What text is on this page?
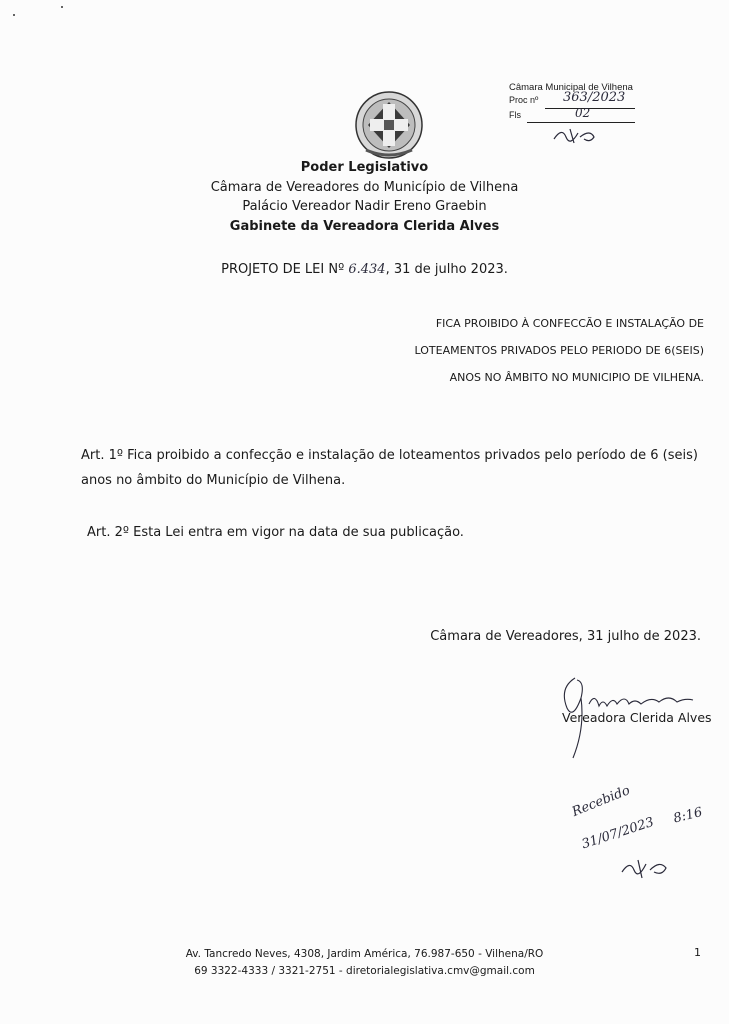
Câmara Municipal de Vilhena
Proc nº 363/2023
Fls	02
Poder Legislativo
Câmara de Vereadores do Município de Vilhena
Palácio Vereador Nadir Ereno Graebin
Gabinete da Vereadora Clerida Alves
PROJETO DE LEI Nº 6.434, 31 de julho 2023.
FICA PROIBIDO À CONFECCÃO E INSTALAÇÃO DE
LOTEAMENTOS PRIVADOS PELO PERIODO DE 6(SEIS)
ANOS NO ÂMBITO NO MUNICIPIO DE VILHENA.
Art. 1º Fica proibido a confecção e instalação de loteamentos privados pelo período de 6 (seis) anos no âmbito do Município de Vilhena.
Art. 2º Esta Lei entra em vigor na data de sua publicação.
Câmara de Vereadores, 31 julho de 2023.
Vereadora Clerida Alves
Recebido
31/07/2023 8:16
Av. Tancredo Neves, 4308, Jardim América, 76.987-650 - Vilhena/RO
69 3322-4333 / 3321-2751 - diretorialegislativa.cmv@gmail.com
1
